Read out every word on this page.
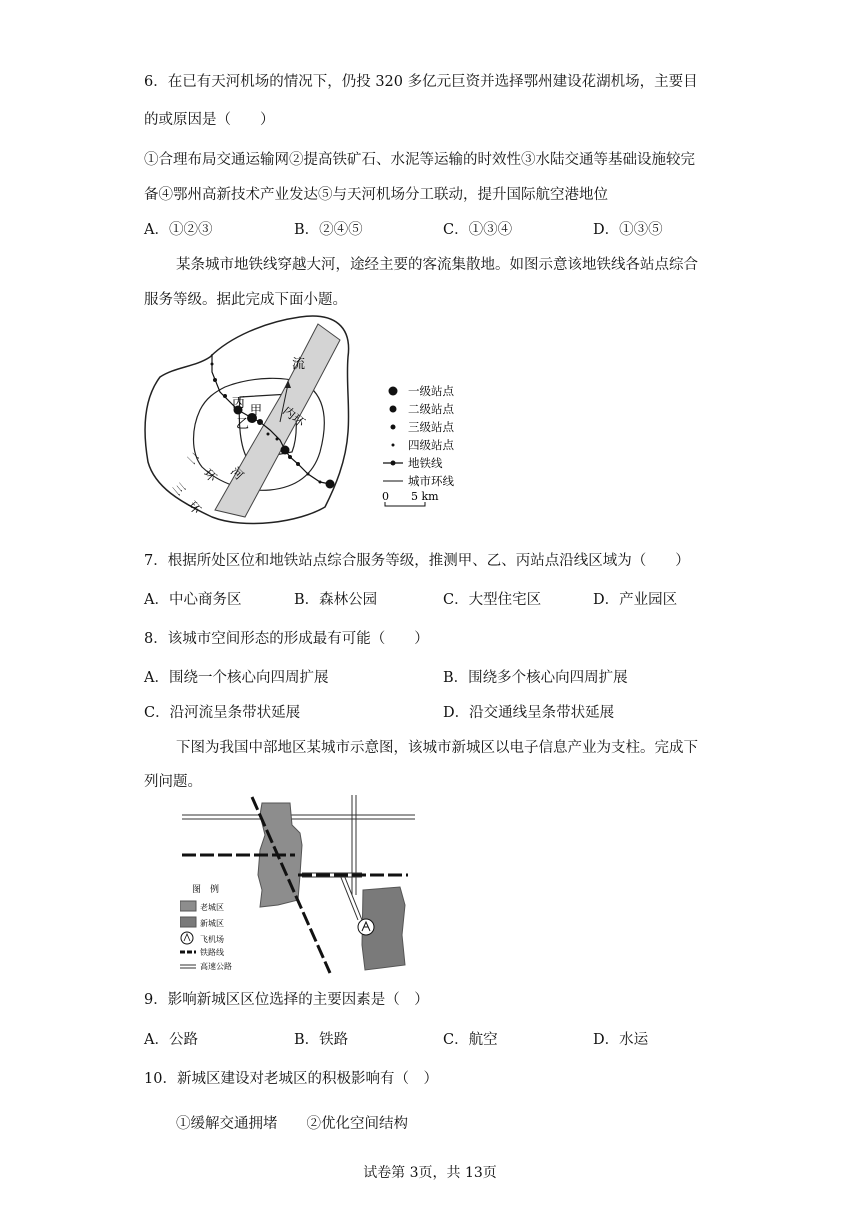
6．在已有天河机场的情况下，仍投 320 多亿元巨资并选择鄂州建设花湖机场，主要目
的或原因是（　　）
①合理布局交通运输网②提高铁矿石、水泥等运输的时效性③水陆交通等基础设施较完
备④鄂州高新技术产业发达⑤与天河机场分工联动，提升国际航空港地位
A．①②③	B．②④⑤	C．①③④	D．①③⑤
某条城市地铁线穿越大河，途经主要的客流集散地。如图示意该地铁线各站点综合
服务等级。据此完成下面小题。
流
丙 甲
乙	内环
二　环 河
三　环
一级站点
二级站点
三级站点
四级站点
地铁线
城市环线
0　　5 km
7．根据所处区位和地铁站点综合服务等级，推测甲、乙、丙站点沿线区域为（　　）
A．中心商务区	B．森林公园	C．大型住宅区	D．产业园区
8．该城市空间形态的形成最有可能（　　）
A．围绕一个核心向四周扩展	B．围绕多个核心向四周扩展
C．沿河流呈条带状延展	D．沿交通线呈条带状延展
下图为我国中部地区某城市示意图，该城市新城区以电子信息产业为支柱。完成下
列问题。
图　例
老城区
新城区
飞机场
铁路线
高速公路
9．影响新城区区位选择的主要因素是（　）
A．公路	B．铁路	C．航空	D．水运
10．新城区建设对老城区的积极影响有（　）
①缓解交通拥堵　　②优化空间结构
试卷第 3页，共 13页
